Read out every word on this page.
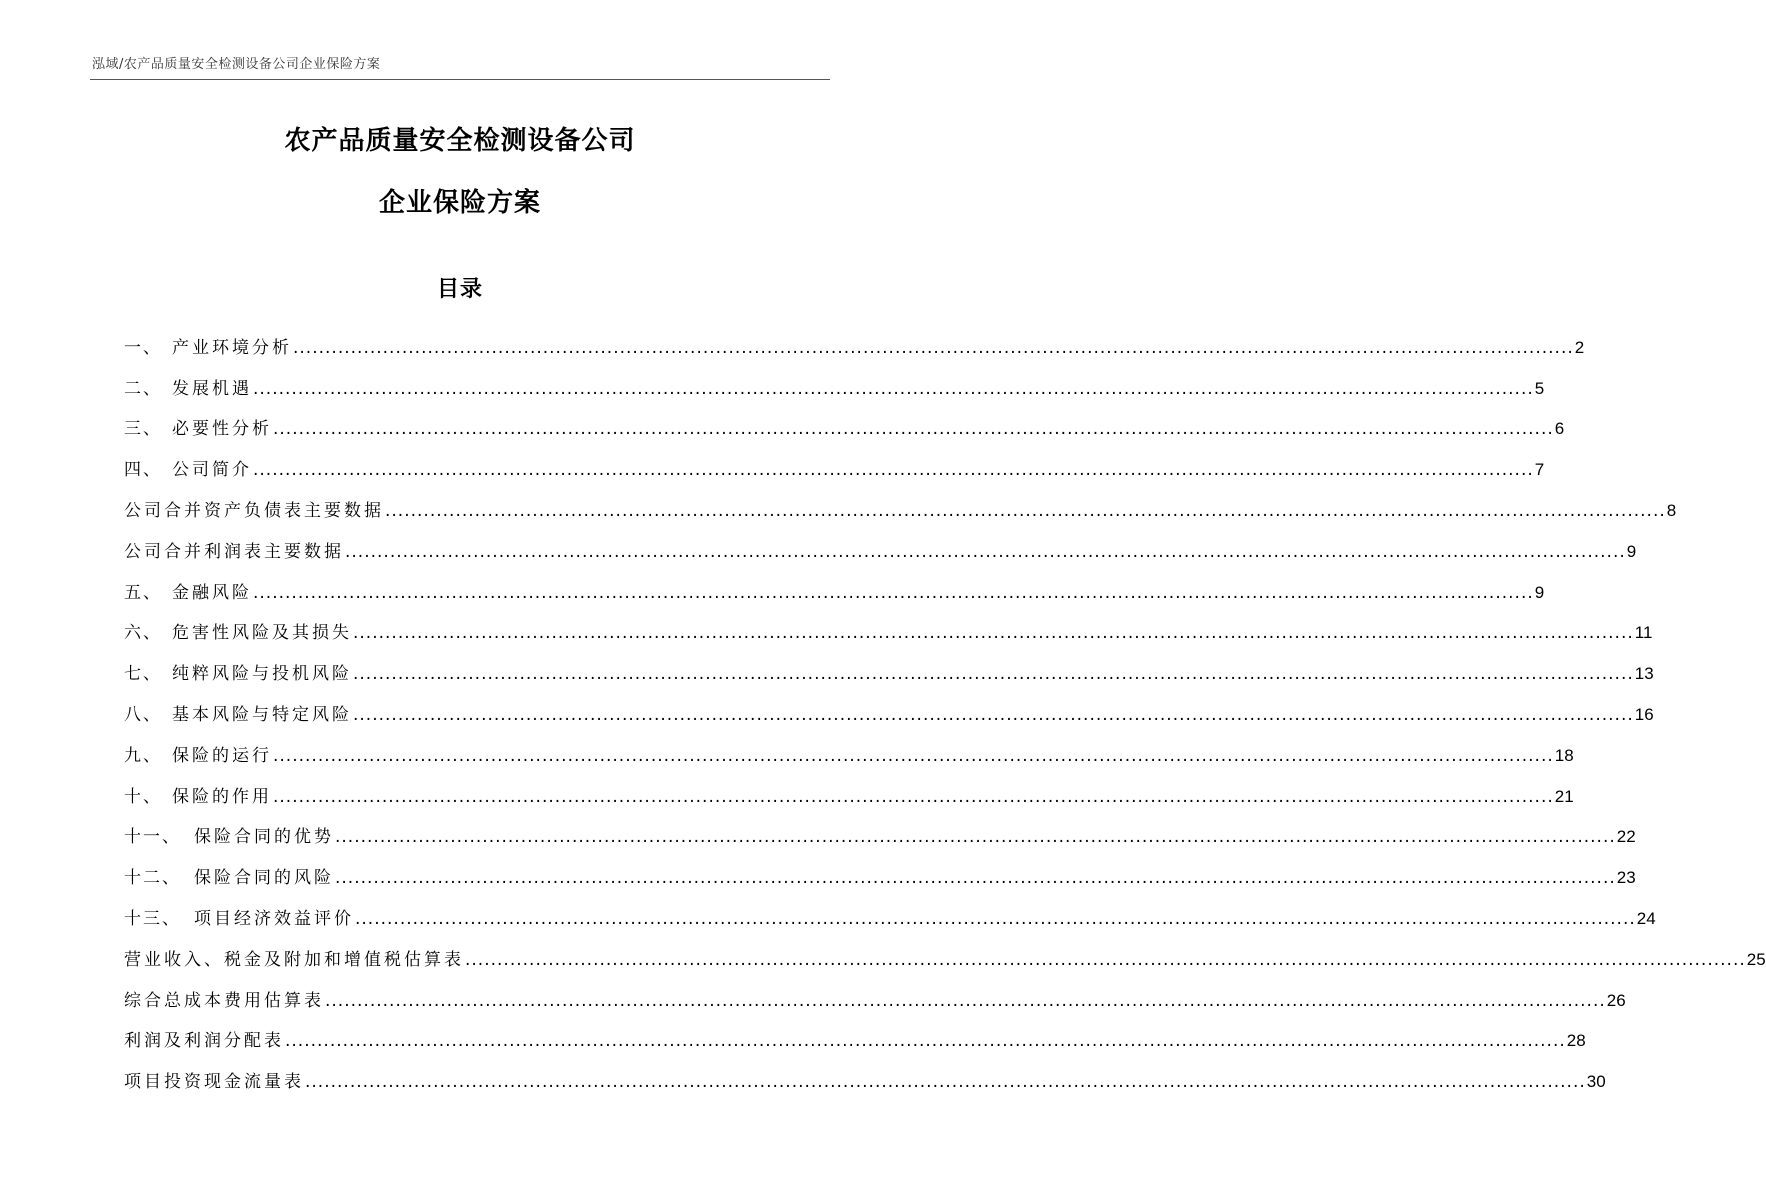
泓域/农产品质量安全检测设备公司企业保险方案
农产品质量安全检测设备公司
企业保险方案
目录
一、 产业环境分析 ........................................................................................................................................................................................................ 2
二、 发展机遇 ........................................................................................................................................................................................................ 5
三、 必要性分析 ........................................................................................................................................................................................................ 6
四、 公司简介 ........................................................................................................................................................................................................ 7
公司合并资产负债表主要数据 ........................................................................................................................................................................................................ 8
公司合并利润表主要数据 ........................................................................................................................................................................................................ 9
五、 金融风险 ........................................................................................................................................................................................................ 9
六、 危害性风险及其损失 ........................................................................................................................................................................................................ 11
七、 纯粹风险与投机风险 ........................................................................................................................................................................................................ 13
八、 基本风险与特定风险 ........................................................................................................................................................................................................ 16
九、 保险的运行 ........................................................................................................................................................................................................ 18
十、 保险的作用 ........................................................................................................................................................................................................ 21
十一、 保险合同的优势 ........................................................................................................................................................................................................ 22
十二、 保险合同的风险 ........................................................................................................................................................................................................ 23
十三、 项目经济效益评价 ........................................................................................................................................................................................................ 24
营业收入、税金及附加和增值税估算表 ........................................................................................................................................................................................................ 25
综合总成本费用估算表 ........................................................................................................................................................................................................ 26
利润及利润分配表 ........................................................................................................................................................................................................ 28
项目投资现金流量表 ........................................................................................................................................................................................................ 30
